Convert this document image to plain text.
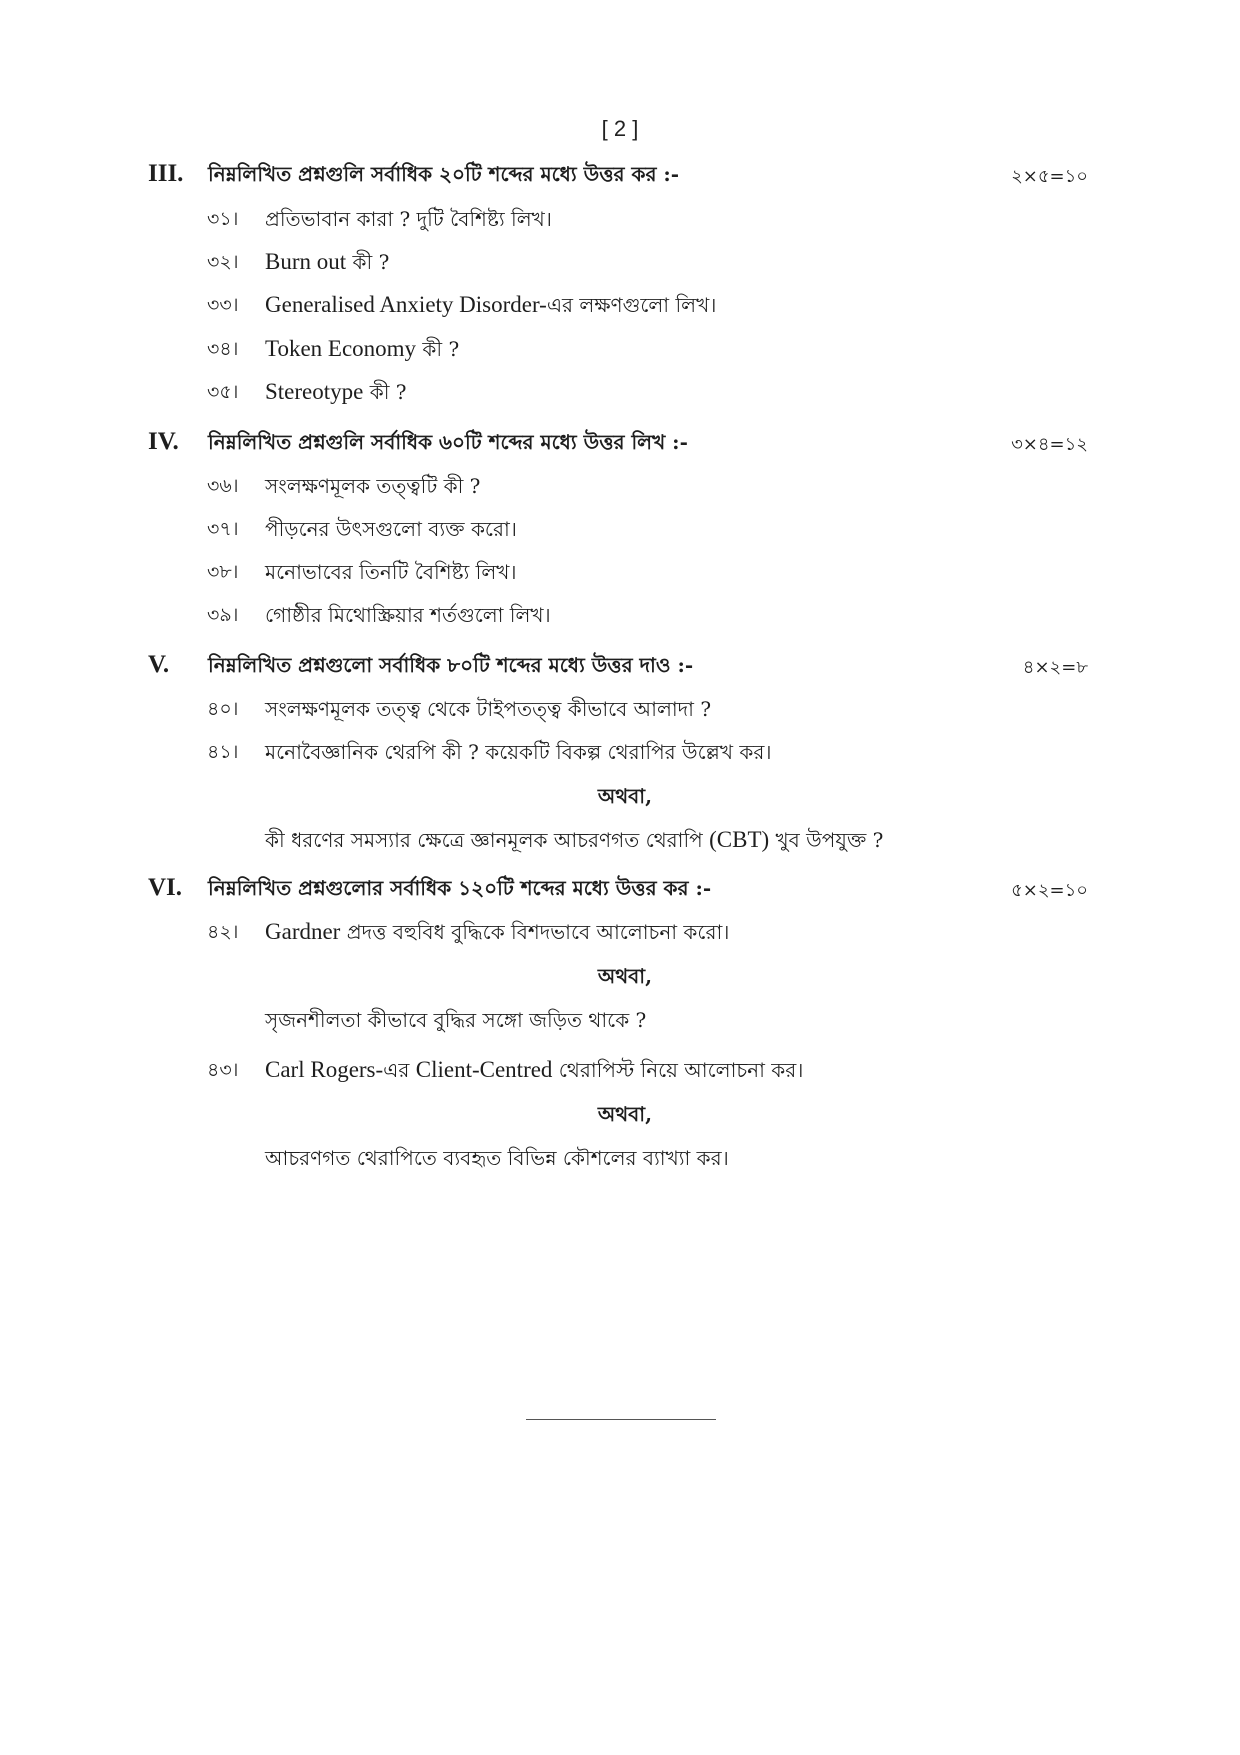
[ 2 ]
III. নিম্নলিখিত প্রশ্নগুলি সর্বাধিক ২০টি শব্দের মধ্যে উত্তর কর :-	২×৫=১০
৩১। প্রতিভাবান কারা ? দুটি বৈশিষ্ট্য লিখ।
৩২। Burn out কী ?
৩৩। Generalised Anxiety Disorder-এর লক্ষণগুলো লিখ।
৩৪। Token Economy কী ?
৩৫। Stereotype কী ?
IV. নিম্নলিখিত প্রশ্নগুলি সর্বাধিক ৬০টি শব্দের মধ্যে উত্তর লিখ :-	৩×৪=১২
৩৬। সংলক্ষণমূলক তত্ত্বটি কী ?
৩৭। পীড়নের উৎসগুলো ব্যক্ত করো।
৩৮। মনোভাবের তিনটি বৈশিষ্ট্য লিখ।
৩৯। গোষ্ঠীর মিথোস্ক্রিয়ার শর্তগুলো লিখ।
V. নিম্নলিখিত প্রশ্নগুলো সর্বাধিক ৮০টি শব্দের মধ্যে উত্তর দাও :-	৪×২=৮
৪০। সংলক্ষণমূলক তত্ত্ব থেকে টাইপতত্ত্ব কীভাবে আলাদা ?
৪১। মনোবৈজ্ঞানিক থেরপি কী ? কয়েকটি বিকল্প থেরাপির উল্লেখ কর।
অথবা,
কী ধরণের সমস্যার ক্ষেত্রে জ্ঞানমূলক আচরণগত থেরাপি (CBT) খুব উপযুক্ত ?
VI. নিম্নলিখিত প্রশ্নগুলোর সর্বাধিক ১২০টি শব্দের মধ্যে উত্তর কর :-	৫×২=১০
৪২। Gardner প্রদত্ত বহুবিধ বুদ্ধিকে বিশদভাবে আলোচনা করো।
অথবা,
সৃজনশীলতা কীভাবে বুদ্ধির সঙ্গো জড়িত থাকে ?
৪৩। Carl Rogers-এর Client-Centred থেরাপিস্ট নিয়ে আলোচনা কর।
অথবা,
আচরণগত থেরাপিতে ব্যবহৃত বিভিন্ন কৌশলের ব্যাখ্যা কর।
